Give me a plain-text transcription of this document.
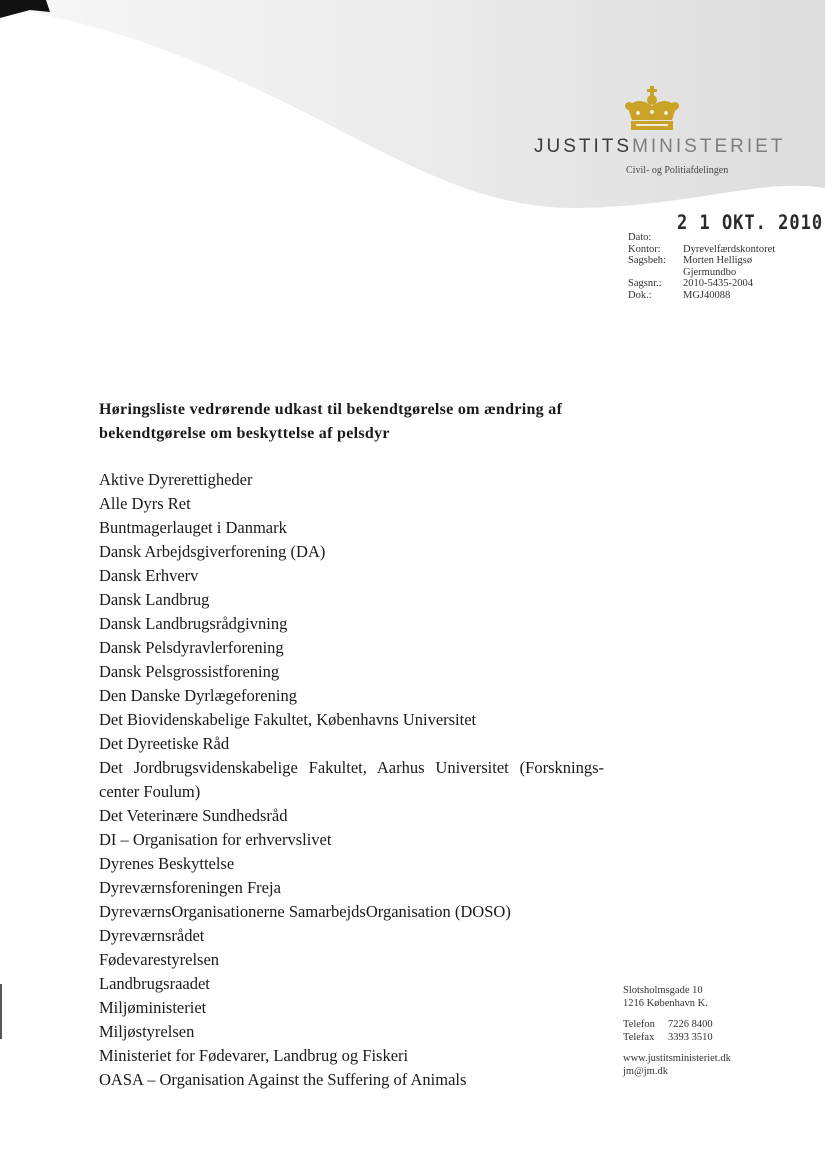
JUSTITSMINISTERIET
Civil- og Politiafdelingen
2 1 OKT. 2010
Dato:
Kontor:	Dyrevelfærdskontoret
Sagsbeh:	Morten Helligsø Gjermundbo
Sagsnr.:	2010-5435-2004
Dok.:	MGJ40088
Høringsliste vedrørende udkast til bekendtgørelse om ændring af bekendtgørelse om beskyttelse af pelsdyr
Aktive Dyrerettigheder
Alle Dyrs Ret
Buntmagerlauget i Danmark
Dansk Arbejdsgiverforening (DA)
Dansk Erhverv
Dansk Landbrug
Dansk Landbrugsrådgivning
Dansk Pelsdyravlerforening
Dansk Pelsgrossistforening
Den Danske Dyrlægeforening
Det Biovidenskabelige Fakultet, Københavns Universitet
Det Dyreetiske Råd
Det Jordbrugsvidenskabelige Fakultet, Aarhus Universitet (Forsknings-center Foulum)
Det Veterinære Sundhedsråd
DI – Organisation for erhvervslivet
Dyrenes Beskyttelse
Dyreværnsforeningen Freja
DyreværnsOrganisationerne SamarbejdsOrganisation (DOSO)
Dyreværnsrådet
Fødevarestyrelsen
Landbrugsraadet
Miljøministeriet
Miljøstyrelsen
Ministeriet for Fødevarer, Landbrug og Fiskeri
OASA – Organisation Against the Suffering of Animals
Slotsholmsgade 10
1216 København K.
Telefon	7226 8400
Telefax	3393 3510
www.justitsministeriet.dk
jm@jm.dk
